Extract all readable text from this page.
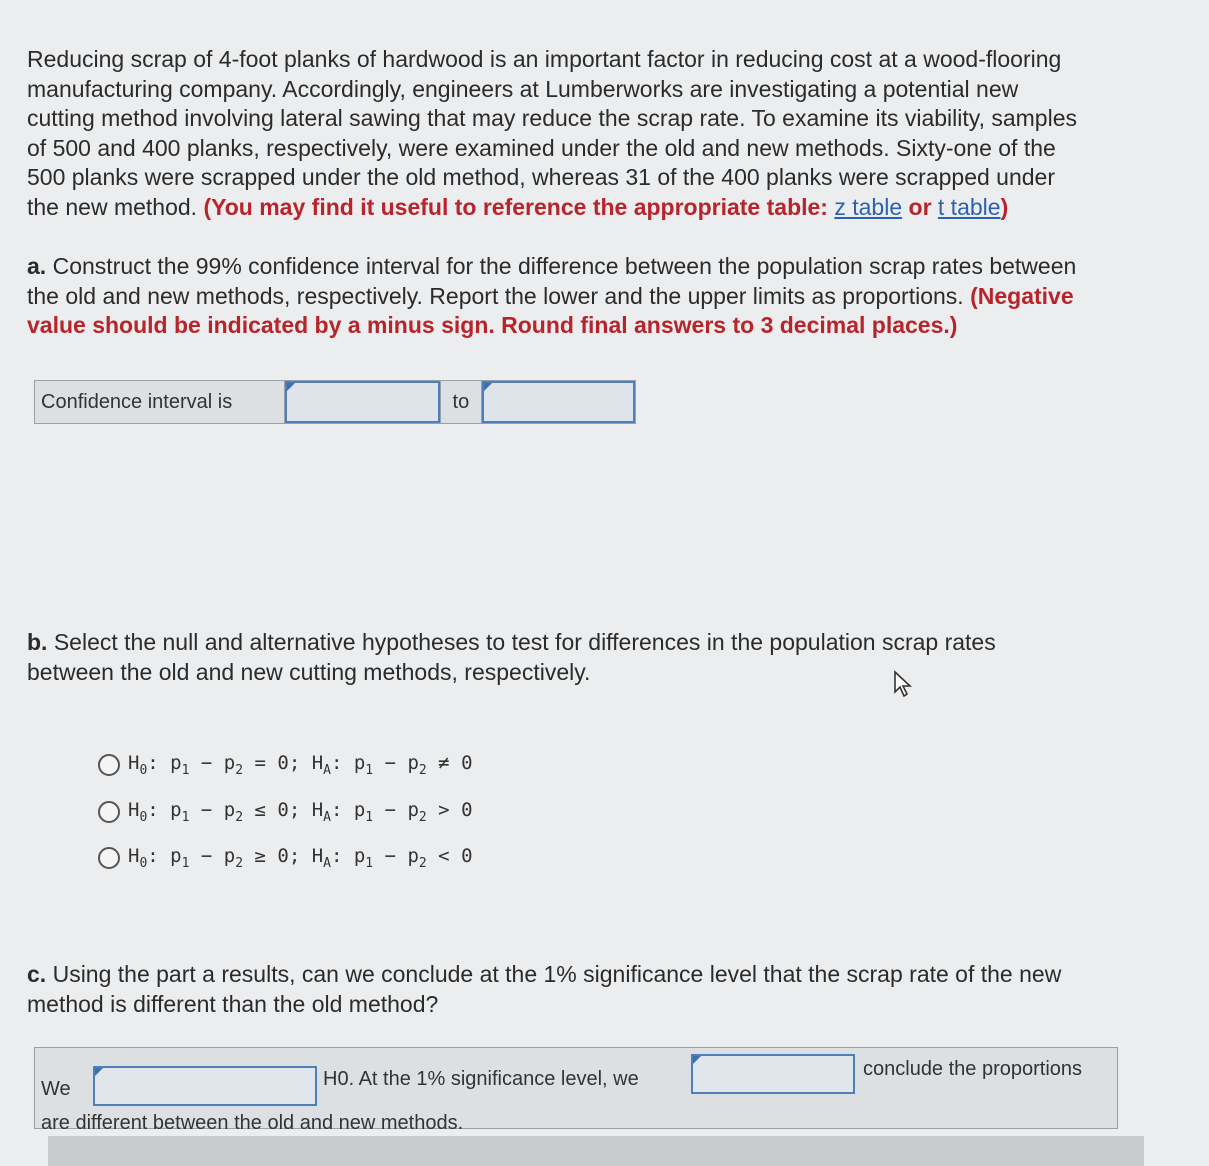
Reducing scrap of 4-foot planks of hardwood is an important factor in reducing cost at a wood-flooring
manufacturing company. Accordingly, engineers at Lumberworks are investigating a potential new
cutting method involving lateral sawing that may reduce the scrap rate. To examine its viability, samples
of 500 and 400 planks, respectively, were examined under the old and new methods. Sixty-one of the
500 planks were scrapped under the old method, whereas 31 of the 400 planks were scrapped under
the new method. (You may find it useful to reference the appropriate table: z table or t table)
a. Construct the 99% confidence interval for the difference between the population scrap rates between
the old and new methods, respectively. Report the lower and the upper limits as proportions. (Negative
value should be indicated by a minus sign. Round final answers to 3 decimal places.)
Confidence interval is	to
b. Select the null and alternative hypotheses to test for differences in the population scrap rates
between the old and new cutting methods, respectively.
$H_0$: $p_1 - p_2 = 0$; $H_A$: $p_1 - p_2 \ne 0$
$H_0$: $p_1 - p_2 \le 0$; $H_A$: $p_1 - p_2 > 0$
$H_0$: $p_1 - p_2 \ge 0$; $H_A$: $p_1 - p_2 < 0$
c. Using the part a results, can we conclude at the 1% significance level that the scrap rate of the new
method is different than the old method?
We	H0. At the 1% significance level, we	conclude the proportions
are different between the old and new methods.
